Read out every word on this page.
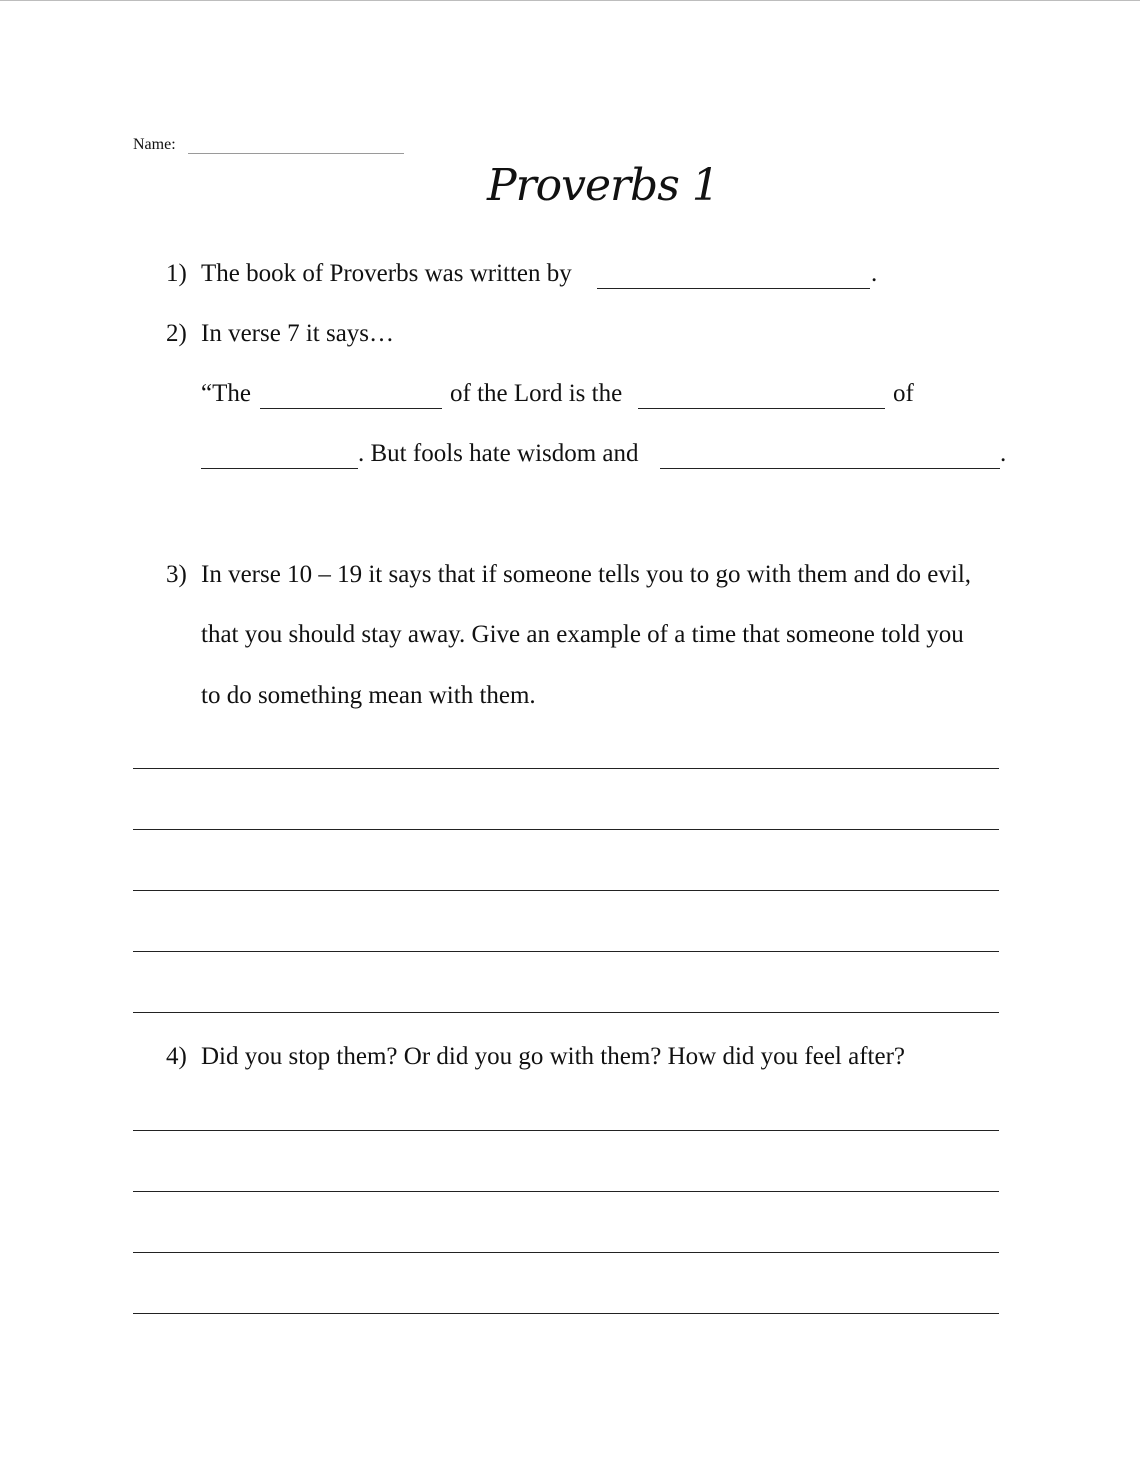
Name:
Proverbs 1
1) The book of Proverbs was written by	.
2) In verse 7 it says…
“The	of the Lord is the	of
. But fools hate wisdom and	.
3) In verse 10 – 19 it says that if someone tells you to go with them and do evil,
that you should stay away. Give an example of a time that someone told you
to do something mean with them.
4) Did you stop them? Or did you go with them? How did you feel after?
